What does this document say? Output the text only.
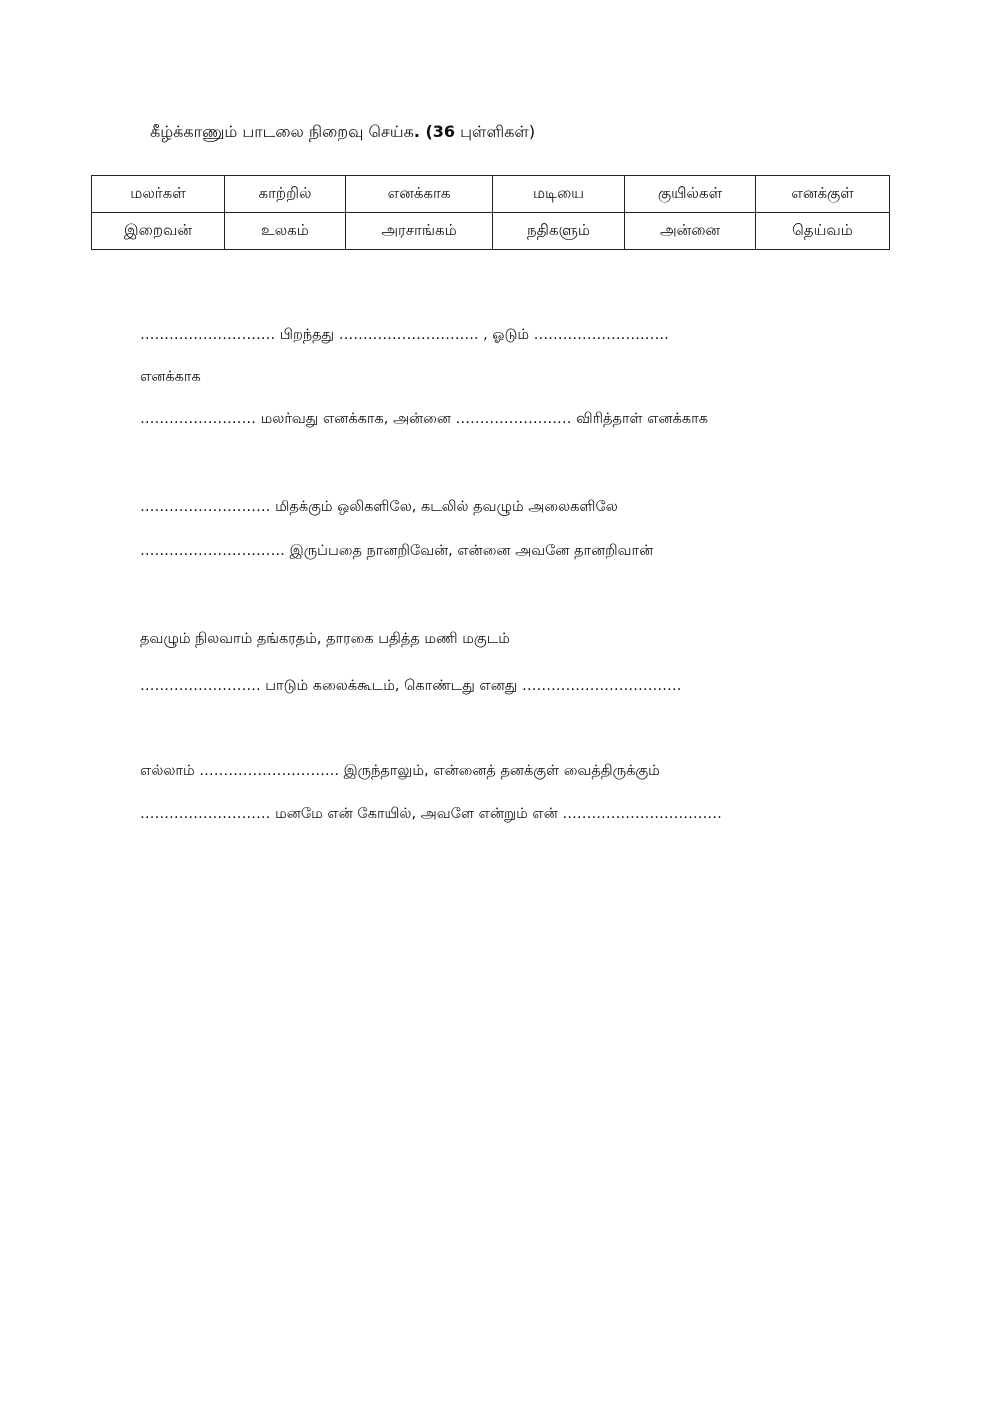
கீழ்க்காணும் பாடலை நிறைவு செய்க. (36 புள்ளிகள்)
மலர்கள்	காற்றில்	எனக்காக	மடியை	குயில்கள்	எனக்குள்
இறைவன்	உலகம்	அரசாங்கம்	நதிகளும்	அன்னை	தெய்வம்
………………………. பிறந்தது ……………………….. , ஓடும் ……………………….
எனக்காக
…………………… மலர்வது எனக்காக, அன்னை …………………… விரித்தாள் எனக்காக
……………………… மிதக்கும் ஒலிகளிலே, கடலில் தவழும் அலைகளிலே
………………………… இருப்பதை நானறிவேன், என்னை அவனே தானறிவான்
தவழும் நிலவாம் தங்கரதம், தாரகை பதித்த மணி மகுடம்
……………………. பாடும் கலைக்கூடம், கொண்டது எனது ……………………………
எல்லாம் ……………………….. இருந்தாலும், என்னைத் தனக்குள் வைத்திருக்கும்
……………………… மனமே என் கோயில், அவளே என்றும் என் ……………………………
